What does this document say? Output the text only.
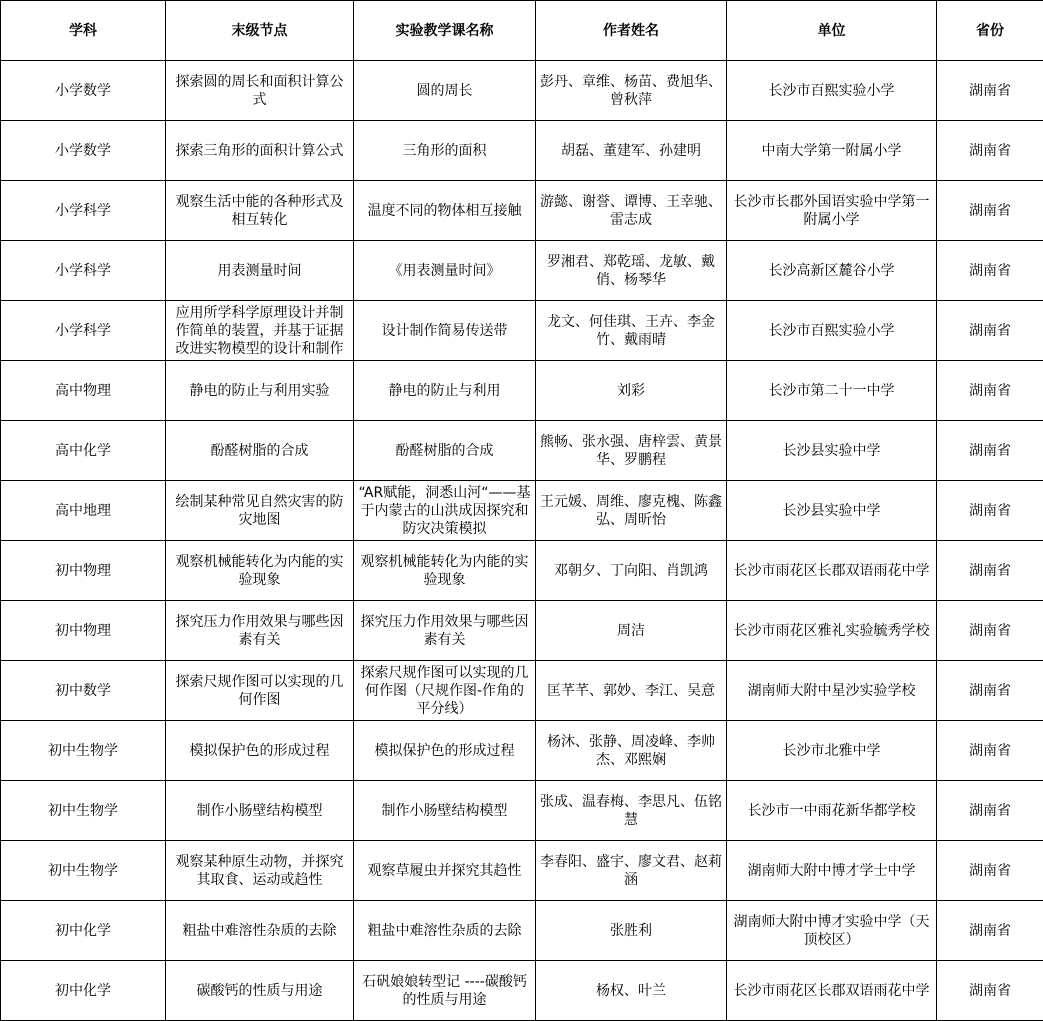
学科	末级节点	实验教学课名称	作者姓名	单位	省份
小学数学	探索圆的周长和面积计算公式	圆的周长	彭丹、章维、杨苗、费旭华、曾秋萍	长沙市百熙实验小学	湖南省
小学数学	探索三角形的面积计算公式	三角形的面积	胡磊、董建军、孙建明	中南大学第一附属小学	湖南省
小学科学	观察生活中能的各种形式及相互转化	温度不同的物体相互接触	游懿、谢誉、谭博、王幸驰、雷志成	长沙市长郡外国语实验中学第一附属小学	湖南省
小学科学	用表测量时间	《用表测量时间》	罗湘君、郑乾瑶、龙敏、戴俏、杨琴华	长沙高新区麓谷小学	湖南省
小学科学	应用所学科学原理设计并制作简单的装置，并基于证据改进实物模型的设计和制作	设计制作简易传送带	龙文、何佳琪、王卉、李金竹、戴雨晴	长沙市百熙实验小学	湖南省
高中物理	静电的防止与利用实验	静电的防止与利用	刘彩	长沙市第二十一中学	湖南省
高中化学	酚醛树脂的合成	酚醛树脂的合成	熊畅、张水强、唐梓雲、黄景华、罗鹏程	长沙县实验中学	湖南省
高中地理	绘制某种常见自然灾害的防灾地图	“AR赋能，洞悉山河“——基于内蒙古的山洪成因探究和防灾决策模拟	王元媛、周维、廖克槐、陈鑫弘、周昕怡	长沙县实验中学	湖南省
初中物理	观察机械能转化为内能的实验现象	观察机械能转化为内能的实验现象	邓朝夕、丁向阳、肖凯鸿	长沙市雨花区长郡双语雨花中学	湖南省
初中物理	探究压力作用效果与哪些因素有关	探究压力作用效果与哪些因素有关	周洁	长沙市雨花区雅礼实验毓秀学校	湖南省
初中数学	探索尺规作图可以实现的几何作图	探索尺规作图可以实现的几何作图（尺规作图-作角的平分线）	匡芊芊、郭妙、李江、吴意	湖南师大附中星沙实验学校	湖南省
初中生物学	模拟保护色的形成过程	模拟保护色的形成过程	杨沐、张静、周凌峰、李帅杰、邓熙娴	长沙市北雅中学	湖南省
初中生物学	制作小肠壁结构模型	制作小肠壁结构模型	张成、温春梅、李思凡、伍铭慧	长沙市一中雨花新华都学校	湖南省
初中生物学	观察某种原生动物，并探究其取食、运动或趋性	观察草履虫并探究其趋性	李春阳、盛宇、廖文君、赵莉涵	湖南师大附中博才学士中学	湖南省
初中化学	粗盐中难溶性杂质的去除	粗盐中难溶性杂质的去除	张胜利	湖南师大附中博才实验中学（天顶校区）	湖南省
初中化学	碳酸钙的性质与用途	石矾娘娘转型记 ----碳酸钙的性质与用途	杨权、叶兰	长沙市雨花区长郡双语雨花中学	湖南省
